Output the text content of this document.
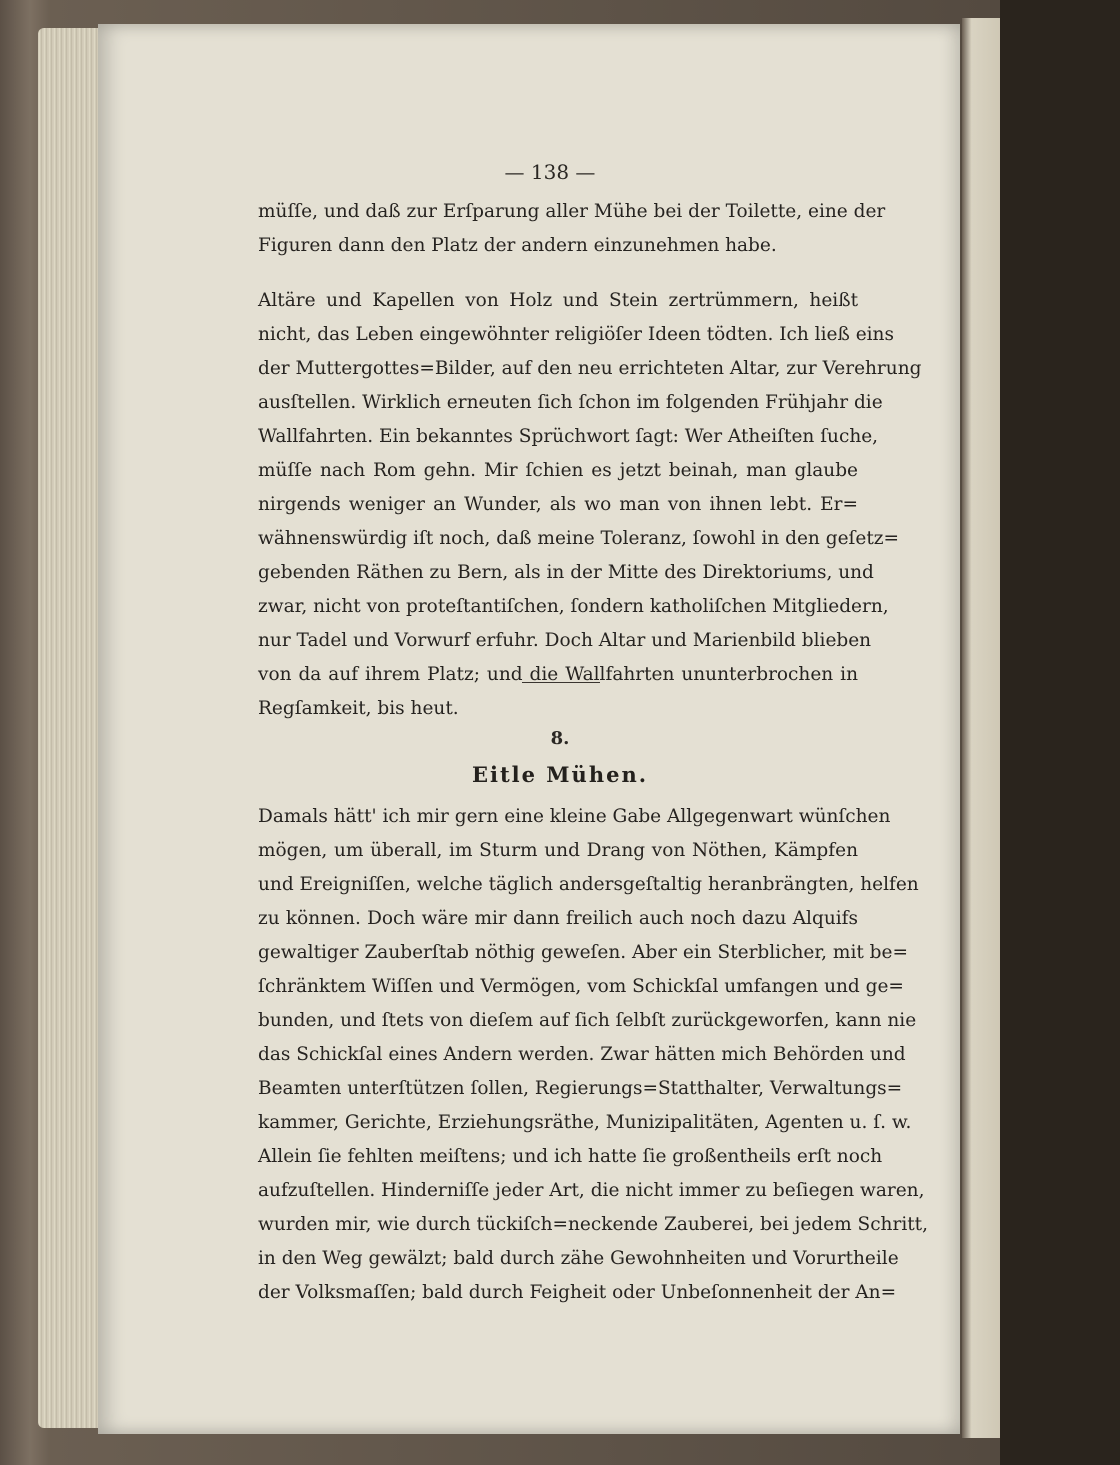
— 138 —
müſſe, und daß zur Erſparung aller Mühe bei der Toilette, eine der
Figuren dann den Platz der andern einzunehmen habe.
Altäre und Kapellen von Holz und Stein zertrümmern, heißt
nicht, das Leben eingewöhnter religiöſer Ideen tödten. Ich ließ eins
der Muttergottes=Bilder, auf den neu errichteten Altar, zur Verehrung
ausſtellen. Wirklich erneuten ſich ſchon im folgenden Frühjahr die
Wallfahrten. Ein bekanntes Sprüchwort ſagt: Wer Atheiſten ſuche,
müſſe nach Rom gehn. Mir ſchien es jetzt beinah, man glaube
nirgends weniger an Wunder, als wo man von ihnen lebt. Er=
wähnenswürdig iſt noch, daß meine Toleranz, ſowohl in den geſetz=
gebenden Räthen zu Bern, als in der Mitte des Direktoriums, und
zwar, nicht von proteſtantiſchen, ſondern katholiſchen Mitgliedern,
nur Tadel und Vorwurf erfuhr. Doch Altar und Marienbild blieben
von da auf ihrem Platz; und die Wallfahrten ununterbrochen in
Regſamkeit, bis heut.
8.
Eitle Mühen.
Damals hätt' ich mir gern eine kleine Gabe Allgegenwart wünſchen
mögen, um überall, im Sturm und Drang von Nöthen, Kämpfen
und Ereigniſſen, welche täglich andersgeſtaltig heranbrängten, helfen
zu können. Doch wäre mir dann freilich auch noch dazu Alquifs
gewaltiger Zauberſtab nöthig geweſen. Aber ein Sterblicher, mit be=
ſchränktem Wiſſen und Vermögen, vom Schickſal umfangen und ge=
bunden, und ſtets von dieſem auf ſich ſelbſt zurückgeworfen, kann nie
das Schickſal eines Andern werden. Zwar hätten mich Behörden und
Beamten unterſtützen ſollen, Regierungs=Statthalter, Verwaltungs=
kammer, Gerichte, Erziehungsräthe, Munizipalitäten, Agenten u. ſ. w.
Allein ſie fehlten meiſtens; und ich hatte ſie großentheils erſt noch
aufzuſtellen. Hinderniſſe jeder Art, die nicht immer zu beſiegen waren,
wurden mir, wie durch tückiſch=neckende Zauberei, bei jedem Schritt,
in den Weg gewälzt; bald durch zähe Gewohnheiten und Vorurtheile
der Volksmaſſen; bald durch Feigheit oder Unbeſonnenheit der An=
